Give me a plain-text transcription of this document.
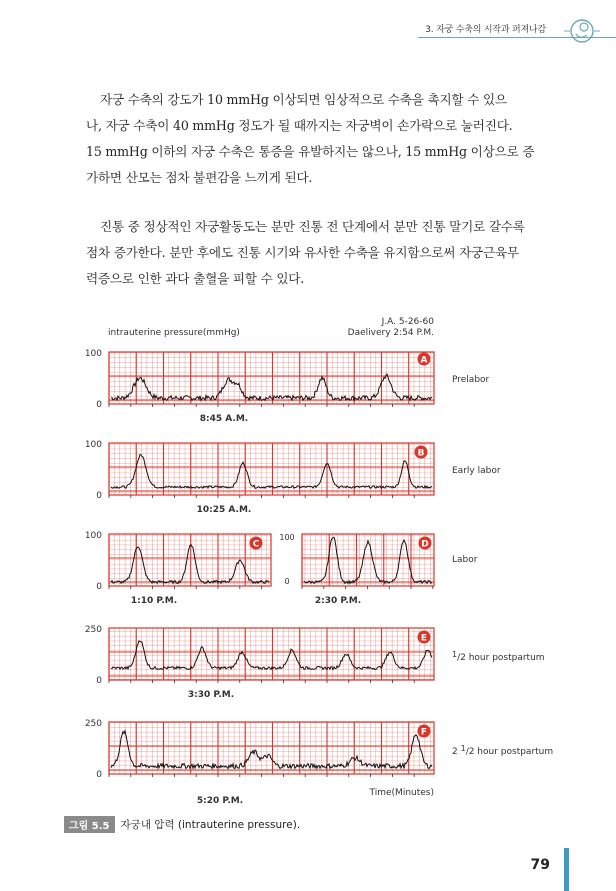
3. 자궁 수축의 시작과 퍼져나감
자궁 수축의 강도가 10 mmHg 이상되면 임상적으로 수축을 촉지할 수 있으
나, 자궁 수축이 40 mmHg 정도가 될 때까지는 자궁벽이 손가락으로 눌러진다.
15 mmHg 이하의 자궁 수축은 통증을 유발하지는 않으나, 15 mmHg 이상으로 증
가하면 산모는 점차 불편감을 느끼게 된다.
진통 중 정상적인 자궁활동도는 분만 진통 전 단계에서 분만 진통 말기로 갈수록
점차 증가한다. 분만 후에도 진통 시기와 유사한 수축을 유지함으로써 자궁근육무
력증으로 인한 과다 출혈을 피할 수 있다.
intrauterine pressure(mmHg)
J.A. 5-26-60
Daelivery 2:54 P.M.
Time(Minutes)
A
100
0
8:45 A.M.
Prelabor
B
100
0
10:25 A.M.
Early labor
C	D
100
0
100
0
1:10 P.M.	2:30 P.M.
Labor
E
250
0
3:30 P.M.
1/2 hour postpartum
F
250
0
5:20 P.M.
2 1/2 hour postpartum
그림 5.5	자궁내 압력 (intrauterine pressure).
79
